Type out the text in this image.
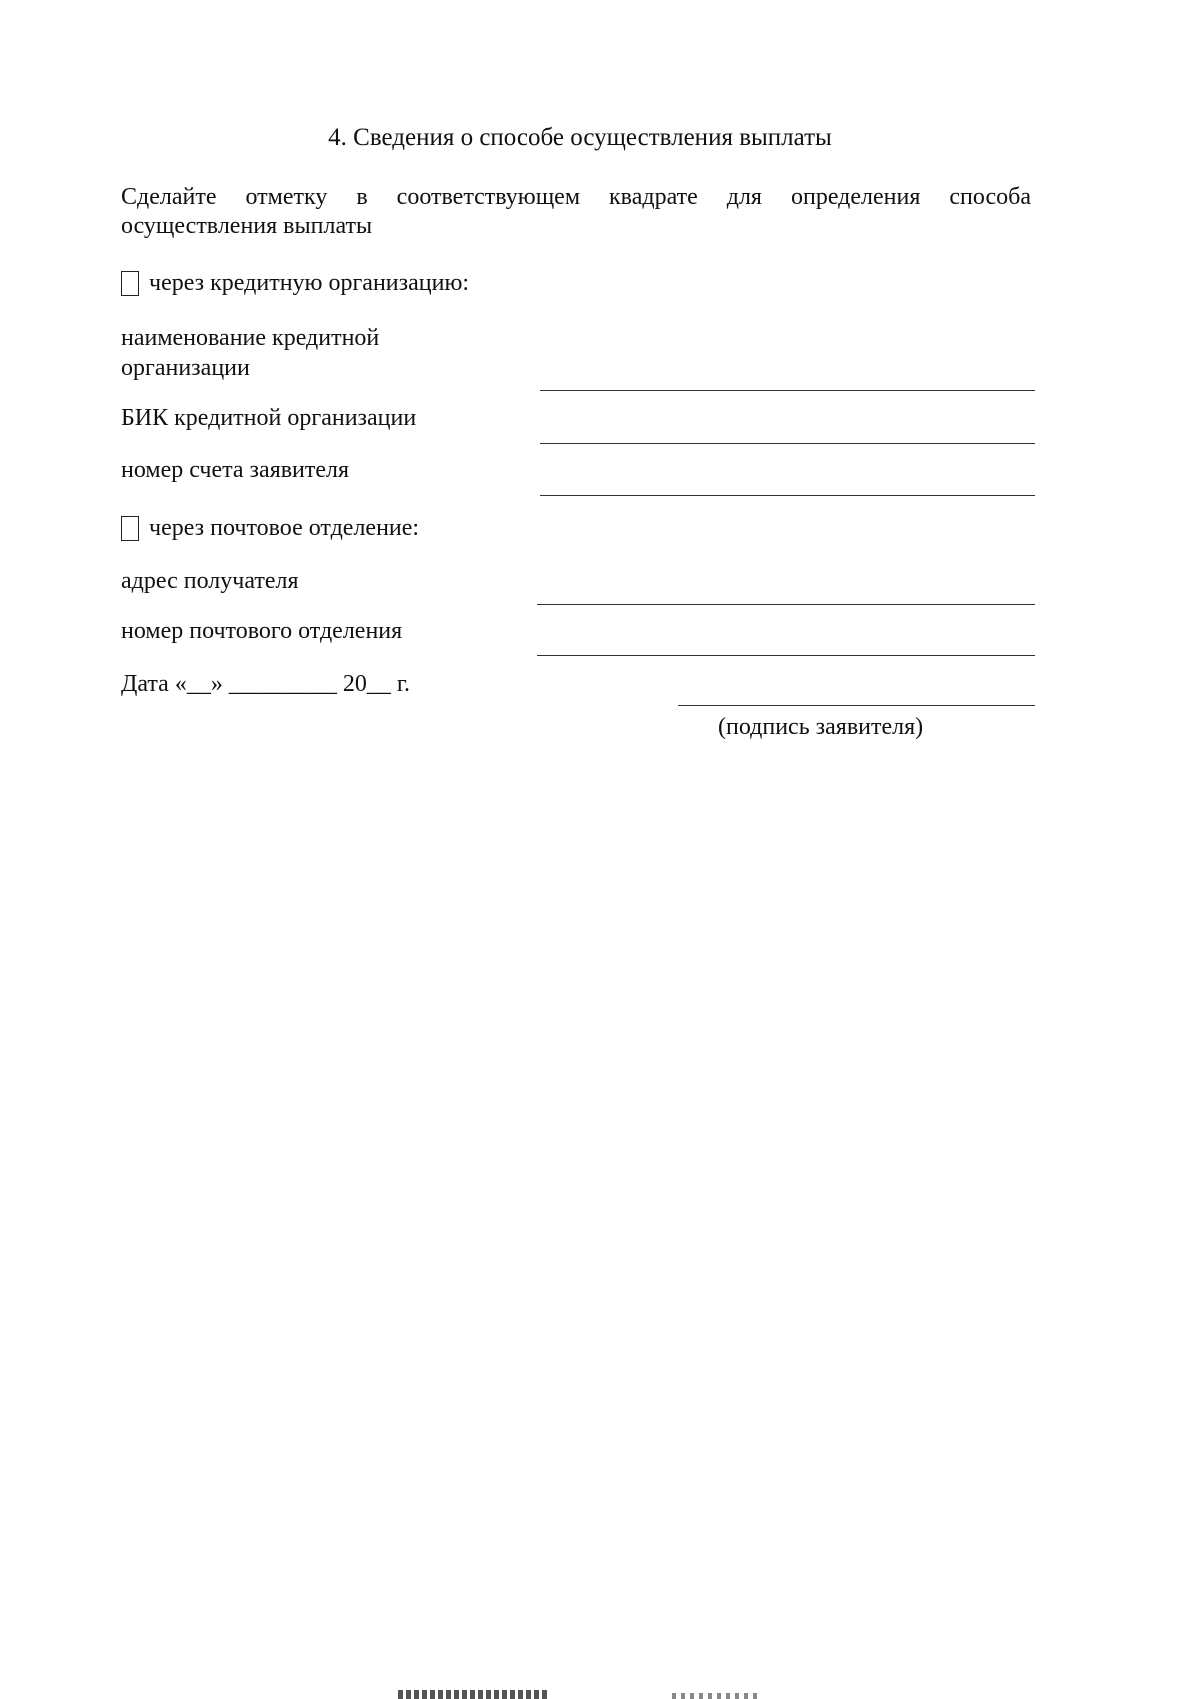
4. Сведения о способе осуществления выплаты
Сделайте отметку в соответствующем квадрате для определения способа
осуществления выплаты
через кредитную организацию:
наименование кредитной организации
БИК кредитной организации
номер счета заявителя
через почтовое отделение:
адрес получателя
номер почтового отделения
Дата «__» _________ 20__ г.
(подпись заявителя)
